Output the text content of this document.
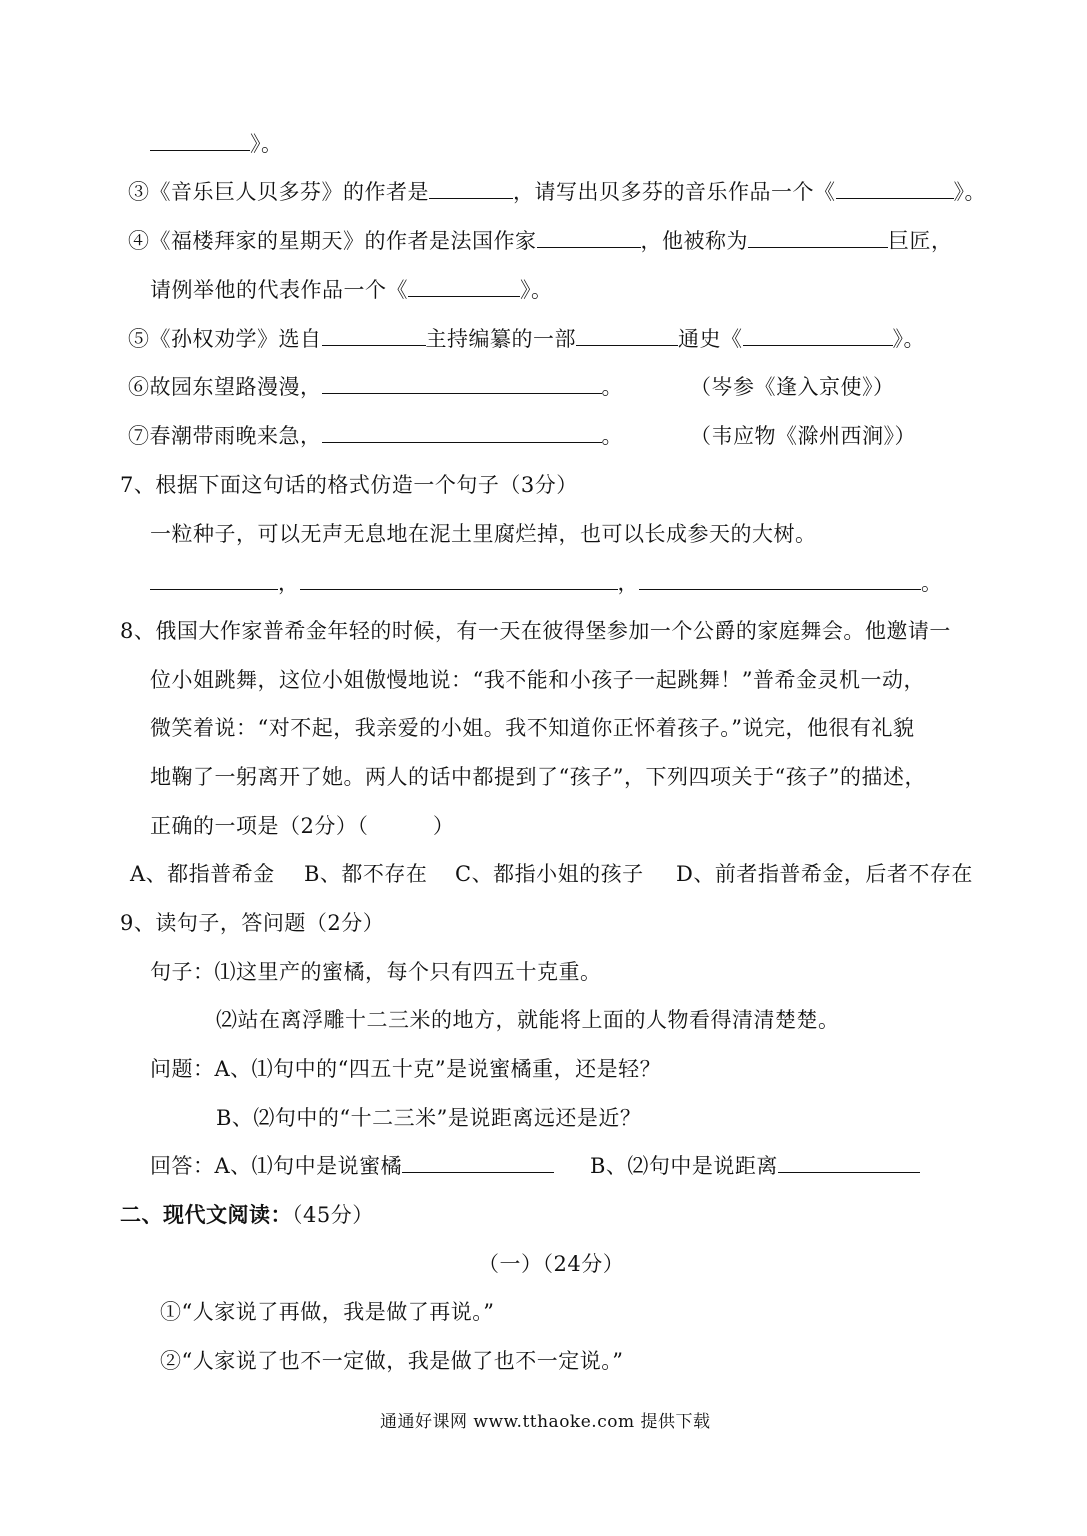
》。
③《音乐巨人贝多芬》的作者是	，请写出贝多芬的音乐作品一个《	》。
④《福楼拜家的星期天》的作者是法国作家	，他被称为	巨匠，
请例举他的代表作品一个《	》。
⑤《孙权劝学》选自	主持编纂的一部	通史《	》。
⑥故园东望路漫漫，	。	（岑参《逢入京使》）
⑦春潮带雨晚来急，	。	（韦应物《滁州西涧》）
7、根据下面这句话的格式仿造一个句子（3分）
一粒种子，可以无声无息地在泥土里腐烂掉，也可以长成参天的大树。
，	，	。
8、俄国大作家普希金年轻的时候，有一天在彼得堡参加一个公爵的家庭舞会。他邀请一
位小姐跳舞，这位小姐傲慢地说：“我不能和小孩子一起跳舞！”普希金灵机一动，
微笑着说：“对不起，我亲爱的小姐。我不知道你正怀着孩子。”说完，他很有礼貌
地鞠了一躬离开了她。两人的话中都提到了“孩子”，下列四项关于“孩子”的描述，
正确的一项是（2分）（　　　）
A、都指普希金 B、都不存在 C、都指小姐的孩子 D、前者指普希金，后者不存在
9、读句子，答问题（2分）
句子：⑴这里产的蜜橘，每个只有四五十克重。
⑵站在离浮雕十二三米的地方，就能将上面的人物看得清清楚楚。
问题：A、⑴句中的“四五十克”是说蜜橘重，还是轻？
B、⑵句中的“十二三米”是说距离远还是近？
回答：A、⑴句中是说蜜橘	B、⑵句中是说距离
二、现代文阅读：（45分）
（一）（24分）
①“人家说了再做，我是做了再说。”
②“人家说了也不一定做，我是做了也不一定说。”
通通好课网 www.tthaoke.com 提供下载
